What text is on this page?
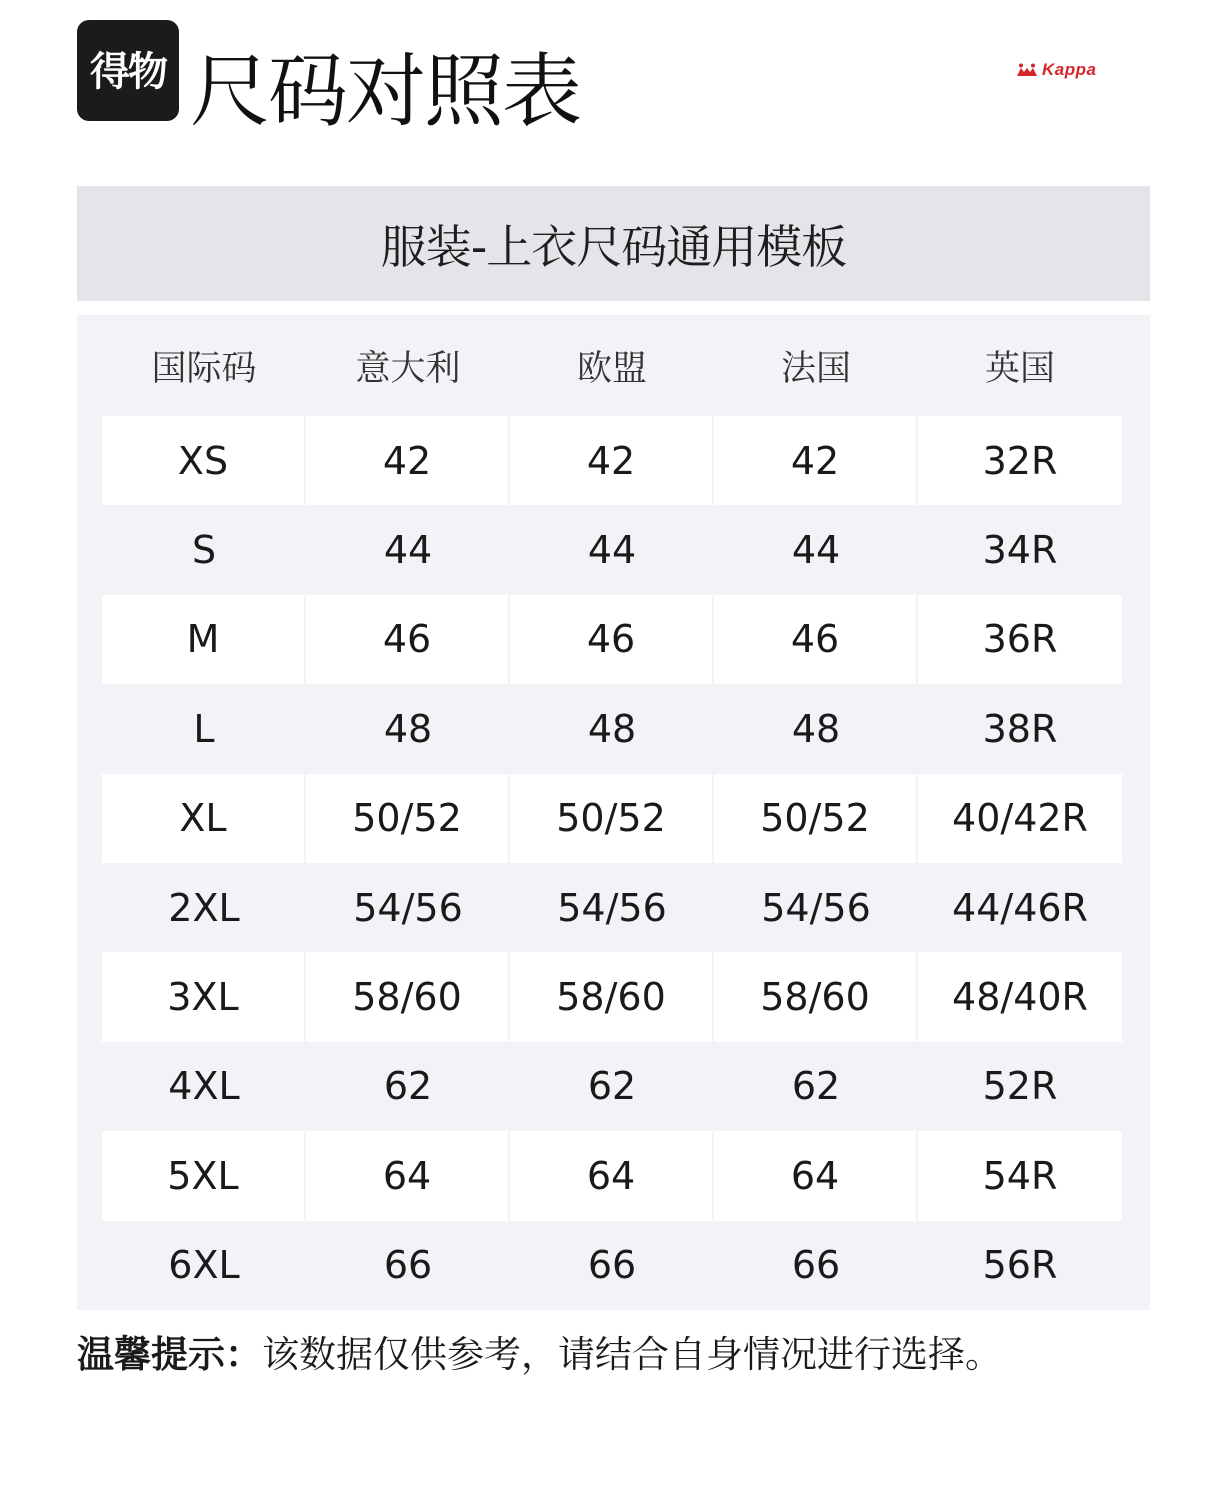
得物 尺码对照表	Kappa
服装-上衣尺码通用模板
国际码	意大利	欧盟	法国	英国
XS	42	42	42	32R
S	44	44	44	34R
M	46	46	46	36R
L	48	48	48	38R
XL	50/52	50/52	50/52	40/42R
2XL	54/56	54/56	54/56	44/46R
3XL	58/60	58/60	58/60	48/40R
4XL	62	62	62	52R
5XL	64	64	64	54R
6XL	66	66	66	56R
温馨提示：该数据仅供参考，请结合自身情况进行选择。
